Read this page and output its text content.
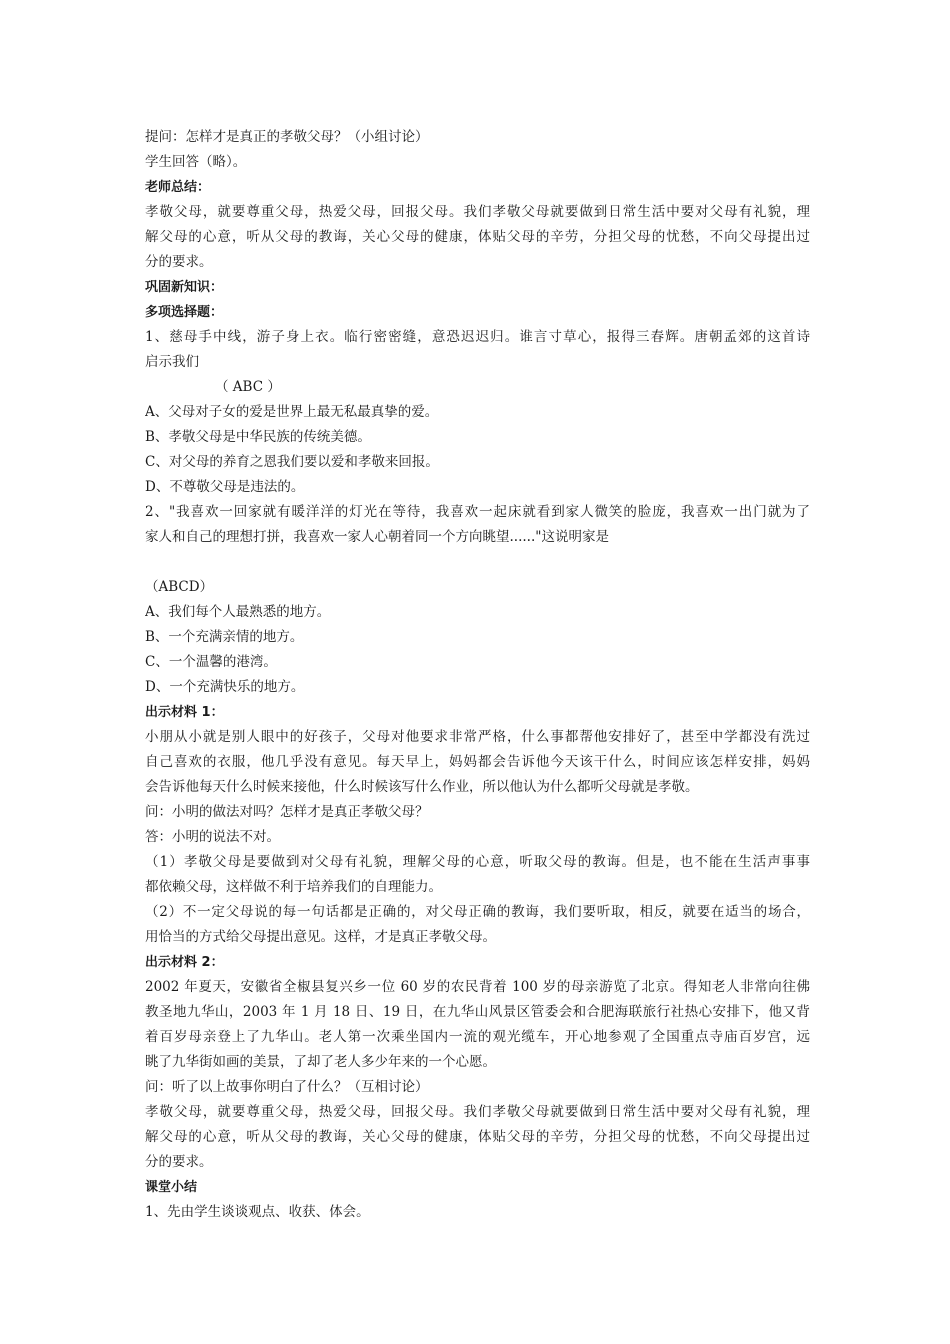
提问：怎样才是真正的孝敬父母？（小组讨论）
学生回答（略）。
老师总结：
孝敬父母，就要尊重父母，热爱父母，回报父母。我们孝敬父母就要做到日常生活中要对父母有礼貌，理
解父母的心意，听从父母的教诲，关心父母的健康，体贴父母的辛劳，分担父母的忧愁，不向父母提出过
分的要求。
巩固新知识：
多项选择题：
1、慈母手中线，游子身上衣。临行密密缝，意恐迟迟归。谁言寸草心，报得三春辉。唐朝孟郊的这首诗
启示我们
（ ABC ）
A、父母对子女的爱是世界上最无私最真挚的爱。
B、孝敬父母是中华民族的传统美德。
C、对父母的养育之恩我们要以爱和孝敬来回报。
D、不尊敬父母是违法的。
2、"我喜欢一回家就有暖洋洋的灯光在等待，我喜欢一起床就看到家人微笑的脸庞，我喜欢一出门就为了
家人和自己的理想打拼，我喜欢一家人心朝着同一个方向眺望......"这说明家是
（ABCD）
A、我们每个人最熟悉的地方。
B、一个充满亲情的地方。
C、一个温馨的港湾。
D、一个充满快乐的地方。
出示材料 1：
小朋从小就是别人眼中的好孩子，父母对他要求非常严格，什么事都帮他安排好了，甚至中学都没有洗过
自己喜欢的衣服，他几乎没有意见。每天早上，妈妈都会告诉他今天该干什么，时间应该怎样安排，妈妈
会告诉他每天什么时候来接他，什么时候该写什么作业，所以他认为什么都听父母就是孝敬。
问：小明的做法对吗？怎样才是真正孝敬父母？
答：小明的说法不对。
（1）孝敬父母是要做到对父母有礼貌，理解父母的心意，听取父母的教诲。但是，也不能在生活声事事
都依赖父母，这样做不利于培养我们的自理能力。
（2）不一定父母说的每一句话都是正确的，对父母正确的教诲，我们要听取，相反，就要在适当的场合，
用恰当的方式给父母提出意见。这样，才是真正孝敬父母。
出示材料 2：
2002 年夏天，安徽省全椒县复兴乡一位 60 岁的农民背着 100 岁的母亲游览了北京。得知老人非常向往佛
教圣地九华山，2003 年 1 月 18 日、19 日，在九华山风景区管委会和合肥海联旅行社热心安排下，他又背
着百岁母亲登上了九华山。老人第一次乘坐国内一流的观光缆车，开心地参观了全国重点寺庙百岁宫，远
眺了九华街如画的美景，了却了老人多少年来的一个心愿。
问：听了以上故事你明白了什么？（互相讨论）
孝敬父母，就要尊重父母，热爱父母，回报父母。我们孝敬父母就要做到日常生活中要对父母有礼貌，理
解父母的心意，听从父母的教诲，关心父母的健康，体贴父母的辛劳，分担父母的忧愁，不向父母提出过
分的要求。
课堂小结
1、先由学生谈谈观点、收获、体会。
